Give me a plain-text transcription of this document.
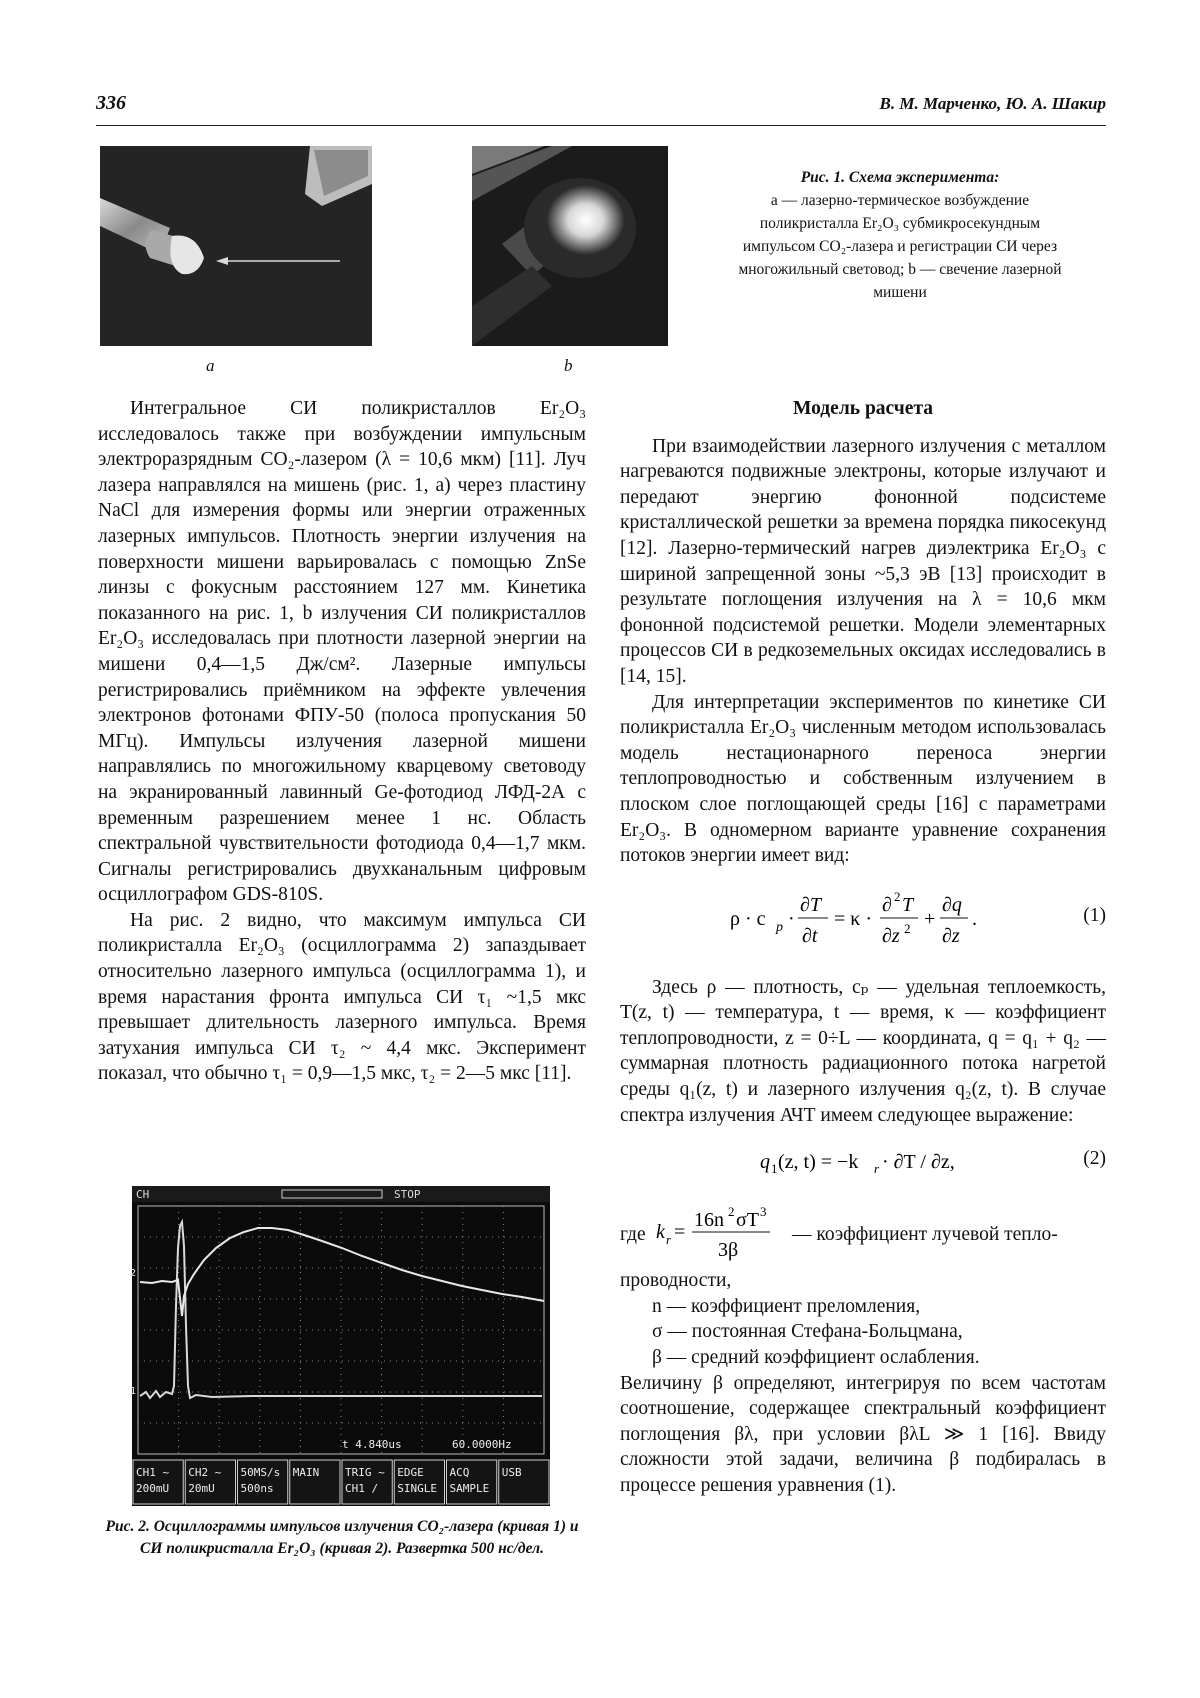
336	В. М. Марченко, Ю. А. Шакир
a	b
Рис. 1. Схема эксперимента:
a — лазерно-термическое возбуждение
поликристалла Er₂O₃ субмикросекундным
импульсом CO₂-лазера и регистрации СИ через
многожильный световод; b — свечение лазерной
мишени

Интегральное СИ поликристаллов Er₂O₃ исследовалось также при возбуждении импульсным электроразрядным CO₂-лазером (λ = 10,6 мкм) [11]. Луч лазера направлялся на мишень (рис. 1, a) через пластину NaCl для измерения формы или энергии отраженных лазерных импульсов. Плотность энергии излучения на поверхности мишени варьировалась с помощью ZnSe линзы с фокусным расстоянием 127 мм. Кинетика показанного на рис. 1, b излучения СИ поликристаллов Er₂O₃ исследовалась при плотности лазерной энергии на мишени 0,4—1,5 Дж/см². Лазерные импульсы регистрировались приёмником на эффекте увлечения электронов фотонами ФПУ-50 (полоса пропускания 50 МГц). Импульсы излучения лазерной мишени направлялись по многожильному кварцевому световоду на экранированный лавинный Ge-фотодиод ЛФД-2А с временным разрешением менее 1 нс. Область спектральной чувствительности фотодиода 0,4—1,7 мкм. Сигналы регистрировались двухканальным цифровым осциллографом GDS-810S.

На рис. 2 видно, что максимум импульса СИ поликристалла Er₂O₃ (осциллограмма 2) запаздывает относительно лазерного импульса (осциллограмма 1), и время нарастания фронта импульса СИ τ₁ ~1,5 мкс превышает длительность лазерного импульса. Время затухания импульса СИ τ₂ ~ 4,4 мкс. Эксперимент показал, что обычно τ₁ = 0,9—1,5 мкс, τ₂ = 2—5 мкс [11].

CH	STOP
2
1
t 4.840us	60.0000Hz
CH1 ~
200mU
CH2 ~
20mU
50MS/s
500ns
MAIN TRIG ~
CH1 /
EDGE
SINGLE
ACQ
SAMPLE
USB
Рис. 2. Осциллограммы импульсов излучения CO₂-лазера (кривая 1) и СИ поликристалла Er₂O₃ (кривая 2). Развертка 500 нс/дел.
Модель расчета

При взаимодействии лазерного излучения с металлом нагреваются подвижные электроны, которые излучают и передают энергию фононной подсистеме кристаллической решетки за времена порядка пикосекунд [12]. Лазерно-термический нагрев диэлектрика Er₂O₃ с шириной запрещенной зоны ~5,3 эВ [13] происходит в результате поглощения излучения на λ = 10,6 мкм фононной подсистемой решетки. Модели элементарных процессов СИ в редкоземельных оксидах исследовались в [14, 15].

Для интерпретации экспериментов по кинетике СИ поликристалла Er₂O₃ численным методом использовалась модель нестационарного переноса энергии теплопроводностью и собственным излучением в плоском слое поглощающей среды [16] с параметрами Er₂O₃. В одномерном варианте уравнение сохранения потоков энергии имеет вид:

ρ · c p ·
∂T
∂t
= κ ·
∂ 2 T
∂z 2 +
∂q
∂z
.	(1)

Здесь ρ — плотность, cₚ — удельная теплоемкость, T(z, t) — температура, t — время, κ — коэффициент теплопроводности, z = 0÷L — координата, q = q₁ + q₂ — суммарная плотность радиационного потока нагретой среды q₁(z, t) и лазерного излучения q₂(z, t). В случае спектра излучения АЧТ имеем следующее выражение:

q 1 (z, t) = −k r · ∂T / ∂z,	(2)
где k r =
16n 2 σT 3
3β
— коэффициент лучевой тепло-
проводности,
n — коэффициент преломления,
σ — постоянная Стефана-Больцмана,
β — средний коэффициент ослабления.

Величину β определяют, интегрируя по всем частотам соотношение, содержащее спектральный коэффициент поглощения βλ, при условии βλL ≫ 1 [16]. Ввиду сложности этой задачи, величина β подбиралась в процессе решения уравнения (1).
